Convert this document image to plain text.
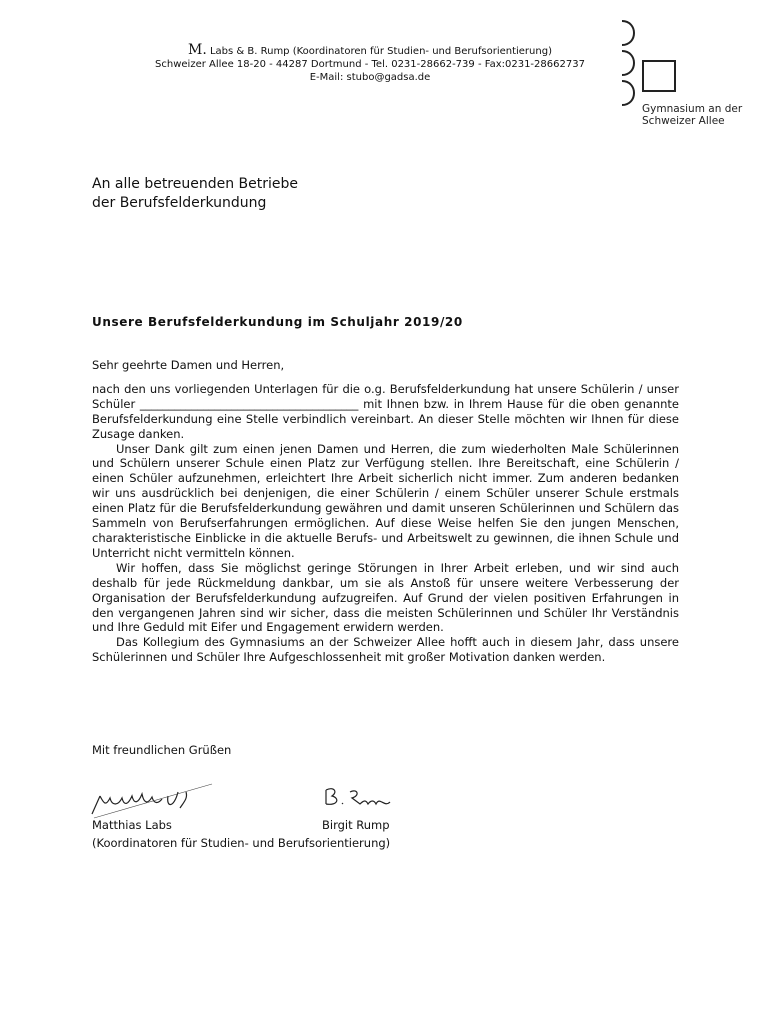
M. Labs & B. Rump (Koordinatoren für Studien- und Berufsorientierung)
Schweizer Allee 18-20 - 44287 Dortmund - Tel. 0231-28662-739 - Fax:0231-28662737
E-Mail: stubo@gadsa.de
Gymnasium an der
Schweizer Allee
An alle betreuenden Betriebe
der Berufsfelderkundung
Unsere Berufsfelderkundung im Schuljahr 2019/20

Sehr geehrte Damen und Herren,

nach den uns vorliegenden Unterlagen für die o.g. Berufsfelderkundung hat unsere Schülerin / unser Schüler ______________________________________ mit Ihnen bzw. in Ihrem Hause für die oben genannte Berufsfelderkundung eine Stelle verbindlich vereinbart. An dieser Stelle möchten wir Ihnen für diese Zusage danken.

Unser Dank gilt zum einen jenen Damen und Herren, die zum wiederholten Male Schülerinnen und Schülern unserer Schule einen Platz zur Verfügung stellen. Ihre Bereitschaft, eine Schülerin / einen Schüler aufzunehmen, erleichtert Ihre Arbeit sicherlich nicht immer. Zum anderen bedanken wir uns ausdrücklich bei denjenigen, die einer Schülerin / einem Schüler unserer Schule erstmals einen Platz für die Berufsfelderkundung gewähren und damit unseren Schülerinnen und Schülern das Sammeln von Berufserfahrungen ermöglichen. Auf diese Weise helfen Sie den jungen Menschen, charakteristische Einblicke in die aktuelle Berufs- und Arbeitswelt zu gewinnen, die ihnen Schule und Unterricht nicht vermitteln können.

Wir hoffen, dass Sie möglichst geringe Störungen in Ihrer Arbeit erleben, und wir sind auch deshalb für jede Rückmeldung dankbar, um sie als Anstoß für unsere weitere Verbesserung der Organisation der Berufsfelderkundung aufzugreifen. Auf Grund der vielen positiven Erfahrungen in den vergangenen Jahren sind wir sicher, dass die meisten Schülerinnen und Schüler Ihr Verständnis und Ihre Geduld mit Eifer und Engagement erwidern werden.

Das Kollegium des Gymnasiums an der Schweizer Allee hofft auch in diesem Jahr, dass unsere Schülerinnen und Schüler Ihre Aufgeschlossenheit mit großer Motivation danken werden.

Mit freundlichen Grüßen
Matthias Labs	Birgit Rump
(Koordinatoren für Studien- und Berufsorientierung)
